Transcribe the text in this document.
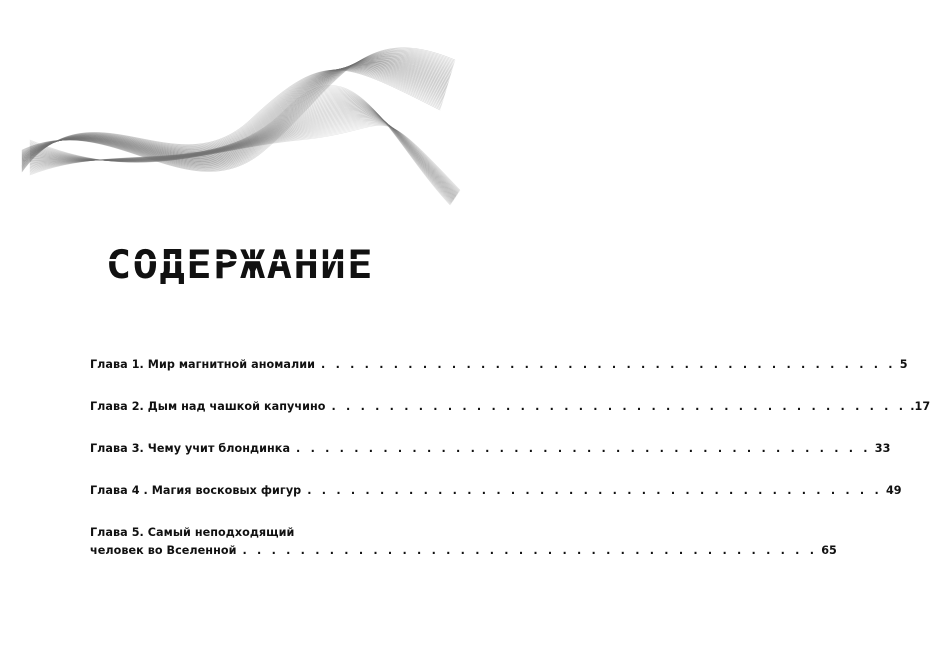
СОДЕРЖАНИЕ
Глава 1. Мир магнитной аномалии . . . . . . . . . . . . . . . . . . . . . . . . . . . . . . . . . . . . . . . . 5
Глава 2. Дым над чашкой капучино . . . . . . . . . . . . . . . . . . . . . . . . . . . . . . . . . . . . . . . . .17
Глава 3. Чему учит блондинка . . . . . . . . . . . . . . . . . . . . . . . . . . . . . . . . . . . . . . . . 33
Глава 4 . Магия восковых фигур . . . . . . . . . . . . . . . . . . . . . . . . . . . . . . . . . . . . . . . . 49
Глава 5. Самый неподходящий
человек во Вселенной . . . . . . . . . . . . . . . . . . . . . . . . . . . . . . . . . . . . . . . . 65
